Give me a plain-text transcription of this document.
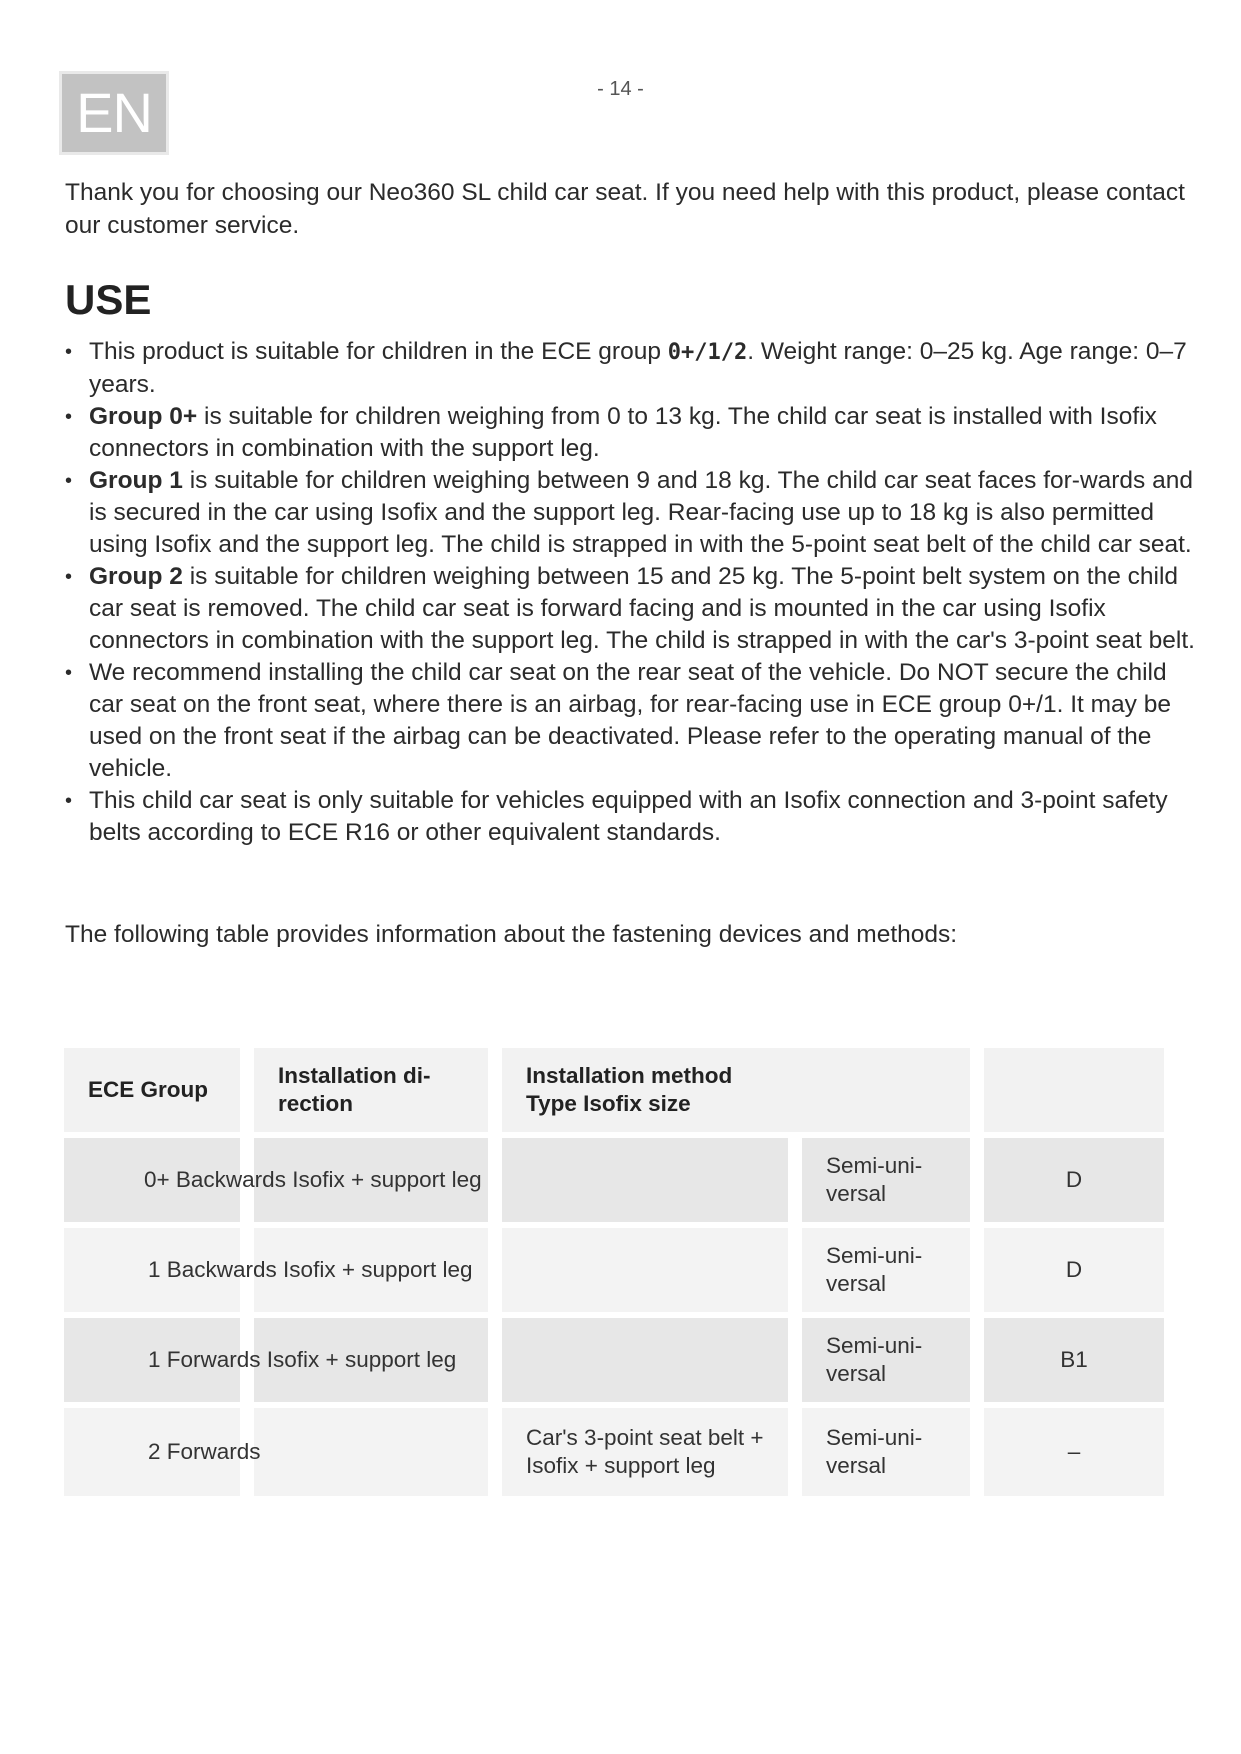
EN	- 14 -

Thank you for choosing our Neo360 SL child car seat. If you need help with this product, please contact our customer service.

USE
• This product is suitable for children in the ECE group 0+/1/2. Weight range: 0–25 kg. Age range: 0–7 years.
• Group 0+ is suitable for children weighing from 0 to 13 kg. The child car seat is installed with Isofix connectors in combination with the support leg.
• Group 1 is suitable for children weighing between 9 and 18 kg. The child car seat faces for-wards and is secured in the car using Isofix and the support leg. Rear-facing use up to 18 kg is also permitted using Isofix and the support leg. The child is strapped in with the 5-point seat belt of the child car seat.
• Group 2 is suitable for children weighing between 15 and 25 kg. The 5-point belt system on the child car seat is removed. The child car seat is forward facing and is mounted in the car using Isofix connectors in combination with the support leg. The child is strapped in with the car's 3-point seat belt.
• We recommend installing the child car seat on the rear seat of the vehicle. Do NOT secure the child car seat on the front seat, where there is an airbag, for rear-facing use in ECE group 0+/1. It may be used on the front seat if the airbag can be deactivated. Please refer to the operating manual of the vehicle.
• This child car seat is only suitable for vehicles equipped with an Isofix connection and 3-point safety belts according to ECE R16 or other equivalent standards.

The following table provides information about the fastening devices and methods:

ECE Group
Installation di-rection
Installation method Type Isofix size
Semi-uni-versal
D
0+ Backwards Isofix + support leg
Semi-uni-versal
D
1 Backwards Isofix + support leg
Semi-uni-versal
B1
1 Forwards Isofix + support leg
Car's 3-point seat belt + Isofix + support leg
Semi-uni-versal
–
2 Forwards
